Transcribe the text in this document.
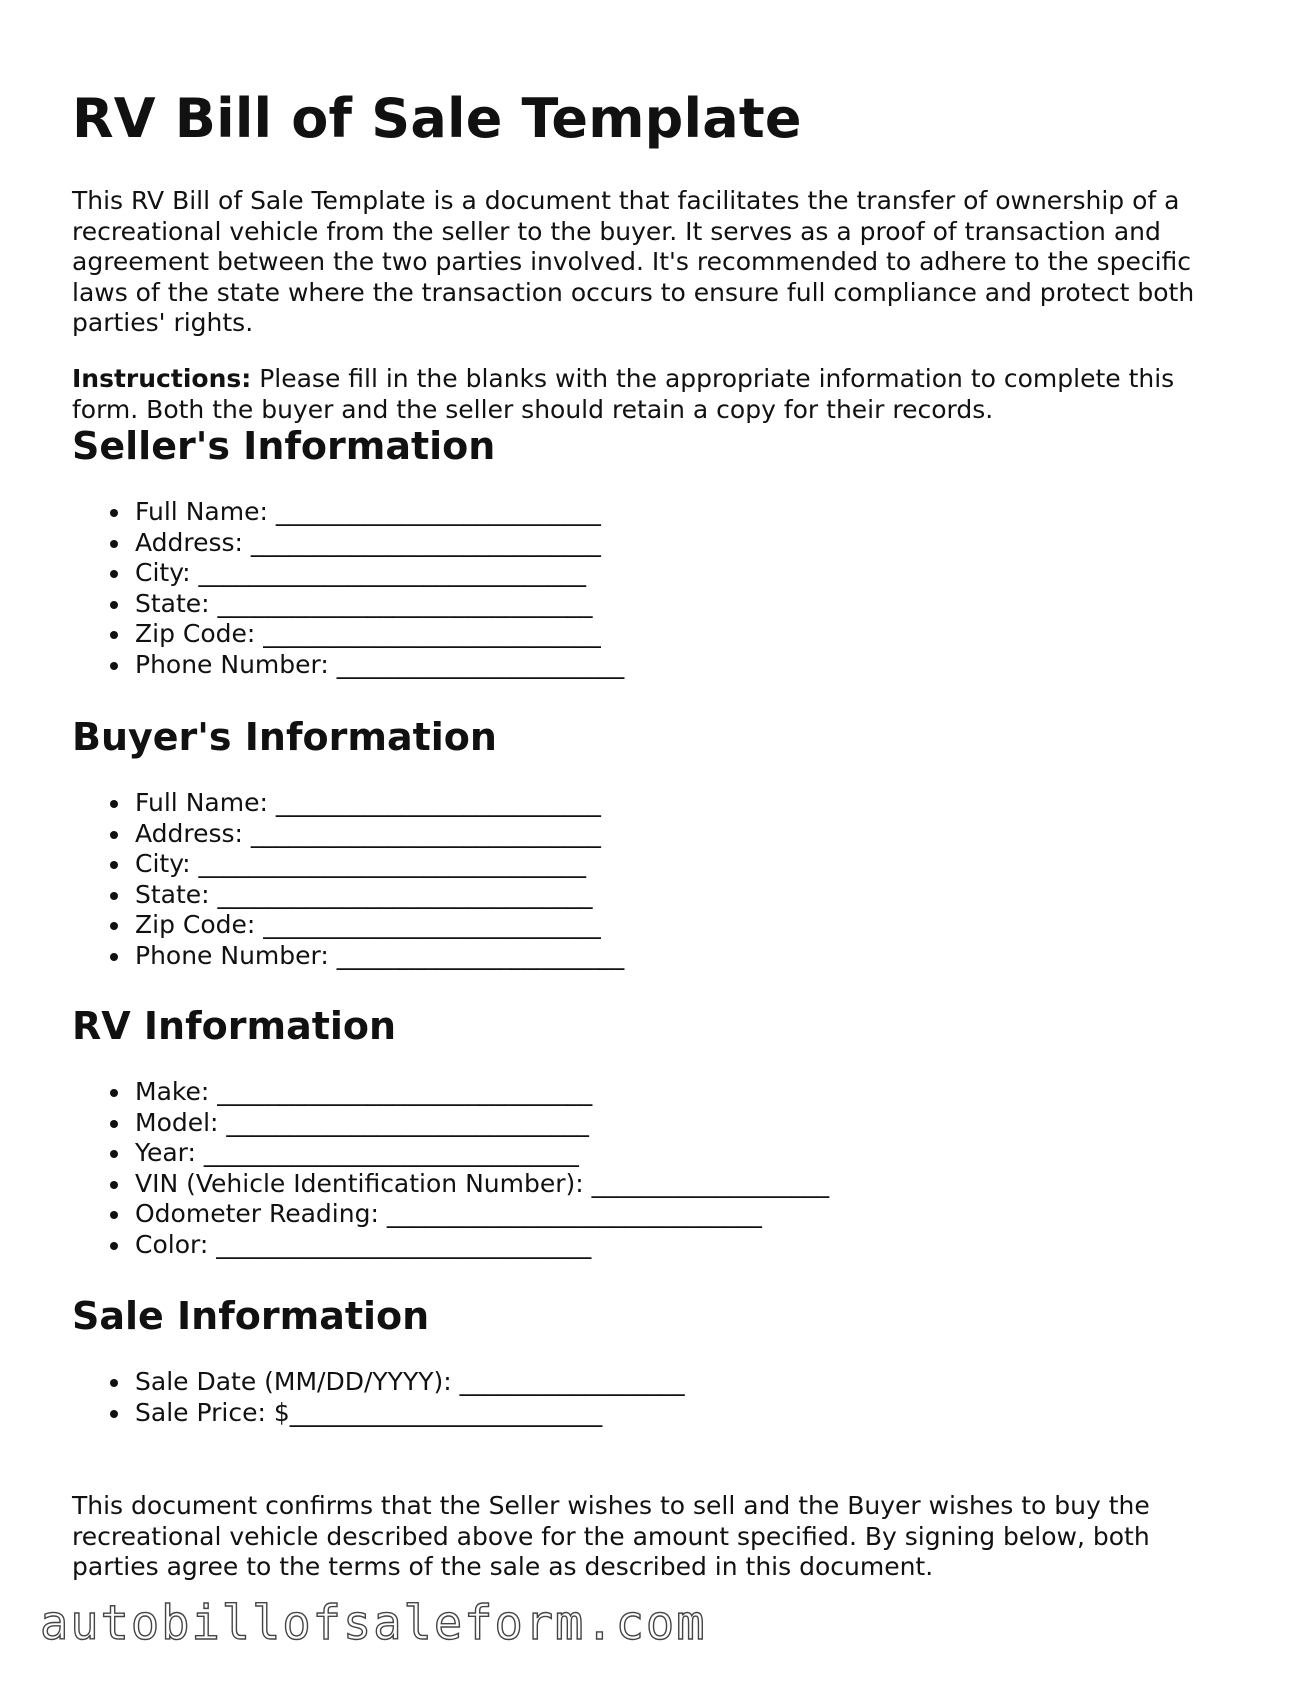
RV Bill of Sale Template

This RV Bill of Sale Template is a document that facilitates the transfer of ownership of a recreational vehicle from the seller to the buyer. It serves as a proof of transaction and agreement between the two parties involved. It's recommended to adhere to the specific laws of the state where the transaction occurs to ensure full compliance and protect both parties' rights.

Instructions: Please fill in the blanks with the appropriate information to complete this form. Both the buyer and the seller should retain a copy for their records.

Seller's Information
Full Name: __________________________
Address: ____________________________
City: _______________________________
State: ______________________________
Zip Code: ___________________________
Phone Number: _______________________
Buyer's Information
Full Name: __________________________
Address: ____________________________
City: _______________________________
State: ______________________________
Zip Code: ___________________________
Phone Number: _______________________
RV Information
Make: ______________________________
Model: _____________________________
Year: ______________________________
VIN (Vehicle Identification Number): ___________________
Odometer Reading: ______________________________
Color: ______________________________
Sale Information
Sale Date (MM/DD/YYYY): __________________
Sale Price: $_________________________

This document confirms that the Seller wishes to sell and the Buyer wishes to buy the recreational vehicle described above for the amount specified. By signing below, both parties agree to the terms of the sale as described in this document.

autobillofsaleform.com
